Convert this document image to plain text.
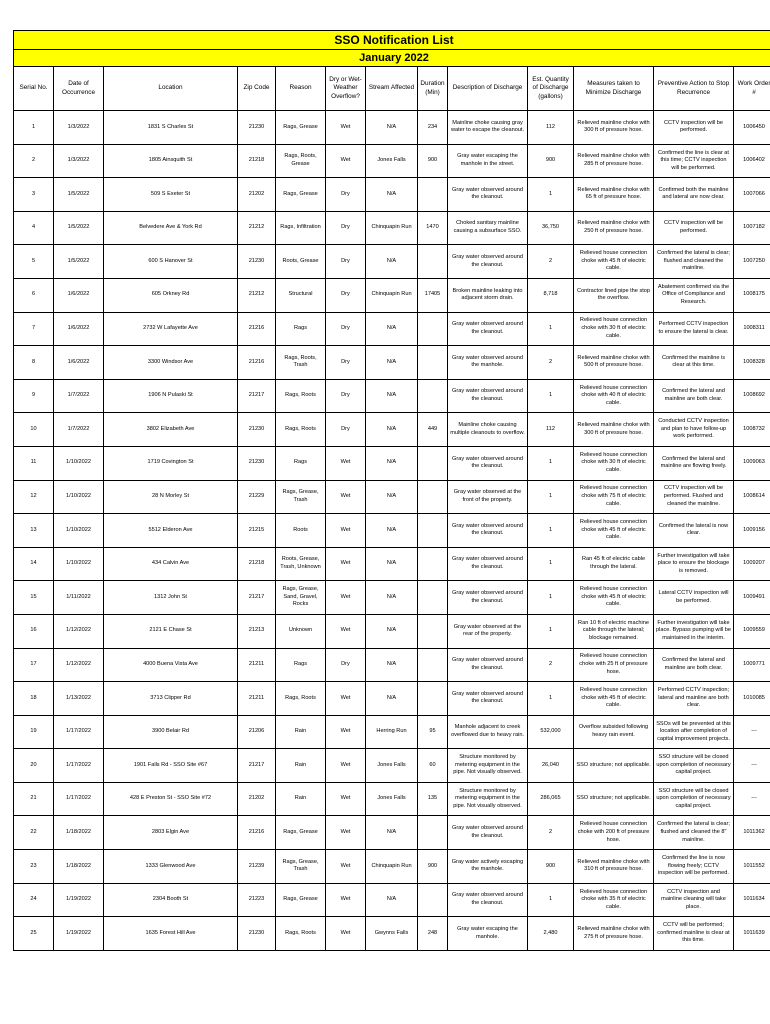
SSO Notification List												
January 2022												
Serial No.	Date of Occurrence	Location	Zip Code	Reason	Dry or Wet-Weather Overflow?	Stream Affected	Duration (Min)	Description of Discharge	Est. Quantity of Discharge (gallons)	Measures taken to Minimize Discharge	Preventive Action to Stop Recurrence	Work Order #
1	1/3/2022	1831 S Charles St	21230	Rags, Grease	Wet	N/A	234	Mainline choke causing gray water to escape the cleanout.	112	Relieved mainline choke with 300 ft of pressure hose.	CCTV inspection will be performed.	1006450
2	1/3/2022	1805 Ainsquith St	21218	Rags, Roots, Grease	Wet	Jones Falls	900	Gray water escaping the manhole in the street.	900	Relieved mainline choke with 285 ft of pressure hose.	Confirmed the line is clear at this time; CCTV inspection will be performed.	1006402
3	1/5/2022	509 S Exeter St	21202	Rags, Grease	Dry	N/A		Gray water observed around the cleanout.	1	Relieved mainline choke with 65 ft of pressure hose.	Confirmed both the mainline and lateral are now clear.	1007066
4	1/5/2022	Belvedere Ave & York Rd	21212	Rags, Infiltration	Dry	Chinquapin Run	1470	Choked sanitary mainline causing a subsurface SSO.	36,750	Relieved mainline choke with 250 ft of pressure hose.	CCTV inspection will be performed.	1007182
5	1/5/2022	600 S Hanover St	21230	Roots, Grease	Dry	N/A		Gray water observed around the cleanout.	2	Relieved house connection choke with 45 ft of electric cable.	Confirmed the lateral is clear; flushed and cleaned the mainline.	1007250
6	1/6/2022	605 Orkney Rd	21212	Structural	Dry	Chinquapin Run	17405	Broken mainline leaking into adjacent storm drain.	8,718	Contractor lined pipe the stop the overflow.	Abatement confirmed via the Office of Compliance and Research.	1008175
7	1/6/2022	2732 W Lafayette Ave	21216	Rags	Dry	N/A		Gray water observed around the cleanout.	1	Relieved house connection choke with 30 ft of electric cable.	Performed CCTV inspection to ensure the lateral is clear.	1008311
8	1/6/2022	3300 Windsor Ave	21216	Rags, Roots, Trash	Dry	N/A		Gray water observed around the manhole.	2	Relieved mainline choke with 500 ft of pressure hose.	Confirmed the mainline is clear at this time.	1008328
9	1/7/2022	1906 N Pulaski St	21217	Rags, Roots	Dry	N/A		Gray water observed around the cleanout.	1	Relieved house connection choke with 40 ft of electric cable.	Confirmed the lateral and mainline are both clear.	1008692
10	1/7/2022	3802 Elizabeth Ave	21230	Rags, Roots	Dry	N/A	449	Mainline choke causing multiple cleanouts to overflow.	112	Relieved mainline choke with 300 ft of pressure hose.	Conducted CCTV inspection and plan to have follow-up work performed.	1008732
11	1/10/2022	1719 Covington St	21230	Rags	Wet	N/A		Gray water observed around the cleanout.	1	Relieved house connection choke with 30 ft of electric cable.	Confirmed the lateral and mainline are flowing freely.	1009063
12	1/10/2022	28 N Morley St	21229	Rags, Grease, Trash	Wet	N/A		Gray water observed at the front of the property.	1	Relieved house connection choke with 75 ft of electric cable.	CCTV inspection will be performed. Flushed and cleaned the mainline.	1008614
13	1/10/2022	5512 Elderon Ave	21215	Roots	Wet	N/A		Gray water observed around the cleanout.	1	Relieved house connection choke with 45 ft of electric cable.	Confirmed the lateral is now clear.	1009156
14	1/10/2022	434 Calvin Ave	21218	Roots, Grease, Trash, Unknown	Wet	N/A		Gray water observed around the cleanout.	1	Ran 45 ft of electric cable through the lateral.	Further investigation will take place to ensure the blockage is removed.	1009207
15	1/11/2022	1312 John St	21217	Rags, Grease, Sand, Gravel, Rocks	Wet	N/A		Gray water observed around the cleanout.	1	Relieved house connection choke with 45 ft of electric cable.	Lateral CCTV inspection will be performed.	1009491
16	1/12/2022	2121 E Chase St	21213	Unknown	Wet	N/A		Gray water observed at the rear of the property.	1	Ran 10 ft of electric machine cable through the lateral; blockage remained.	Further investigation will take place. Bypass pumping will be maintained in the interim.	1009559
17	1/12/2022	4000 Buena Vista Ave	21211	Rags	Dry	N/A		Gray water observed around the cleanout.	2	Relieved house connection choke with 25 ft of pressure hose.	Confirmed the lateral and mainline are both clear.	1009771
18	1/13/2022	3713 Clipper Rd	21211	Rags, Roots	Wet	N/A		Gray water observed around the cleanout.	1	Relieved house connection choke with 45 ft of electric cable.	Performed CCTV inspection; lateral and mainline are both clear.	1010085
19	1/17/2022	3900 Belair Rd	21206	Rain	Wet	Herring Run	95	Manhole adjacent to creek overflowed due to heavy rain.	532,000	Overflow subsided following heavy rain event.	SSOs will be prevented at this location after completion of capital improvement projects.	---
20	1/17/2022	1901 Falls Rd - SSO Site #67	21217	Rain	Wet	Jones Falls	60	Structure monitored by metering equipment in the pipe. Not visually observed.	26,040	SSO structure; not applicable.	SSO structure will be closed upon completion of necessary capital project.	---
21	1/17/2022	428 E Preston St - SSO Site #72	21202	Rain	Wet	Jones Falls	135	Structure monitored by metering equipment in the pipe. Not visually observed.	286,065	SSO structure; not applicable.	SSO structure will be closed upon completion of necessary capital project.	---
22	1/18/2022	2803 Elgin Ave	21216	Rags, Grease	Wet	N/A		Gray water observed around the cleanout.	2	Relieved house connection choke with 200 ft of pressure hose.	Confirmed the lateral is clear; flushed and cleaned the 8" mainline.	1011362
23	1/18/2022	1333 Glenwood Ave	21239	Rags, Grease, Trash	Wet	Chinquapin Run	900	Gray water actively escaping the manhole.	900	Relieved mainline choke with 310 ft of pressure hose.	Confirmed the line is now flowing freely; CCTV inspection will be performed.	1011552
24	1/19/2022	2304 Booth St	21223	Rags, Grease	Wet	N/A		Gray water observed around the cleanout.	1	Relieved house connection choke with 35 ft of electric cable.	CCTV inspection and mainline cleaning will take place.	1011634
25	1/19/2022	1635 Forest Hill Ave	21230	Rags, Roots	Wet	Gwynns Falls	248	Gray water escaping the manhole.	2,480	Relieved mainline choke with 275 ft of pressure hose.	CCTV will be performed; confirmed mainline is clear at this time.	1011639
